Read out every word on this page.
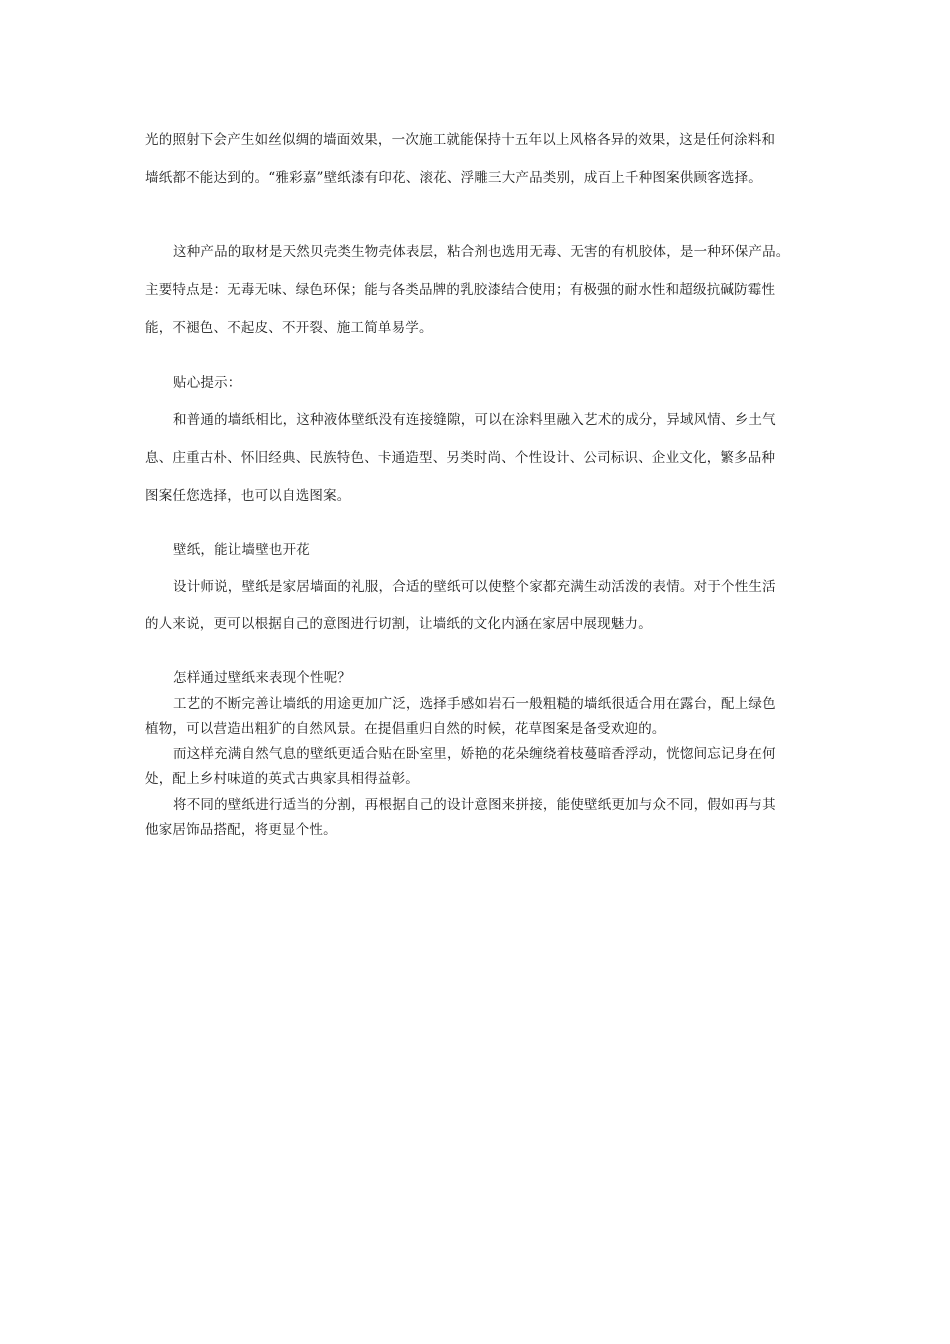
光的照射下会产生如丝似绸的墙面效果，一次施工就能保持十五年以上风格各异的效果，这是任何涂料和
墙纸都不能达到的。“雅彩嘉”壁纸漆有印花、滚花、浮雕三大产品类别，成百上千种图案供顾客选择。
这种产品的取材是天然贝壳类生物壳体表层，粘合剂也选用无毒、无害的有机胶体，是一种环保产品。
主要特点是：无毒无味、绿色环保；能与各类品牌的乳胶漆结合使用；有极强的耐水性和超级抗碱防霉性
能，不褪色、不起皮、不开裂、施工简单易学。
贴心提示：
和普通的墙纸相比，这种液体壁纸没有连接缝隙，可以在涂料里融入艺术的成分，异域风情、乡土气
息、庄重古朴、怀旧经典、民族特色、卡通造型、另类时尚、个性设计、公司标识、企业文化，繁多品种
图案任您选择，也可以自选图案。
壁纸，能让墙壁也开花
设计师说，壁纸是家居墙面的礼服，合适的壁纸可以使整个家都充满生动活泼的表情。对于个性生活
的人来说，更可以根据自己的意图进行切割，让墙纸的文化内涵在家居中展现魅力。
怎样通过壁纸来表现个性呢？
工艺的不断完善让墙纸的用途更加广泛，选择手感如岩石一般粗糙的墙纸很适合用在露台，配上绿色
植物，可以营造出粗犷的自然风景。在提倡重归自然的时候，花草图案是备受欢迎的。
而这样充满自然气息的壁纸更适合贴在卧室里，娇艳的花朵缠绕着枝蔓暗香浮动，恍惚间忘记身在何
处，配上乡村味道的英式古典家具相得益彰。
将不同的壁纸进行适当的分割，再根据自己的设计意图来拼接，能使壁纸更加与众不同，假如再与其
他家居饰品搭配，将更显个性。
